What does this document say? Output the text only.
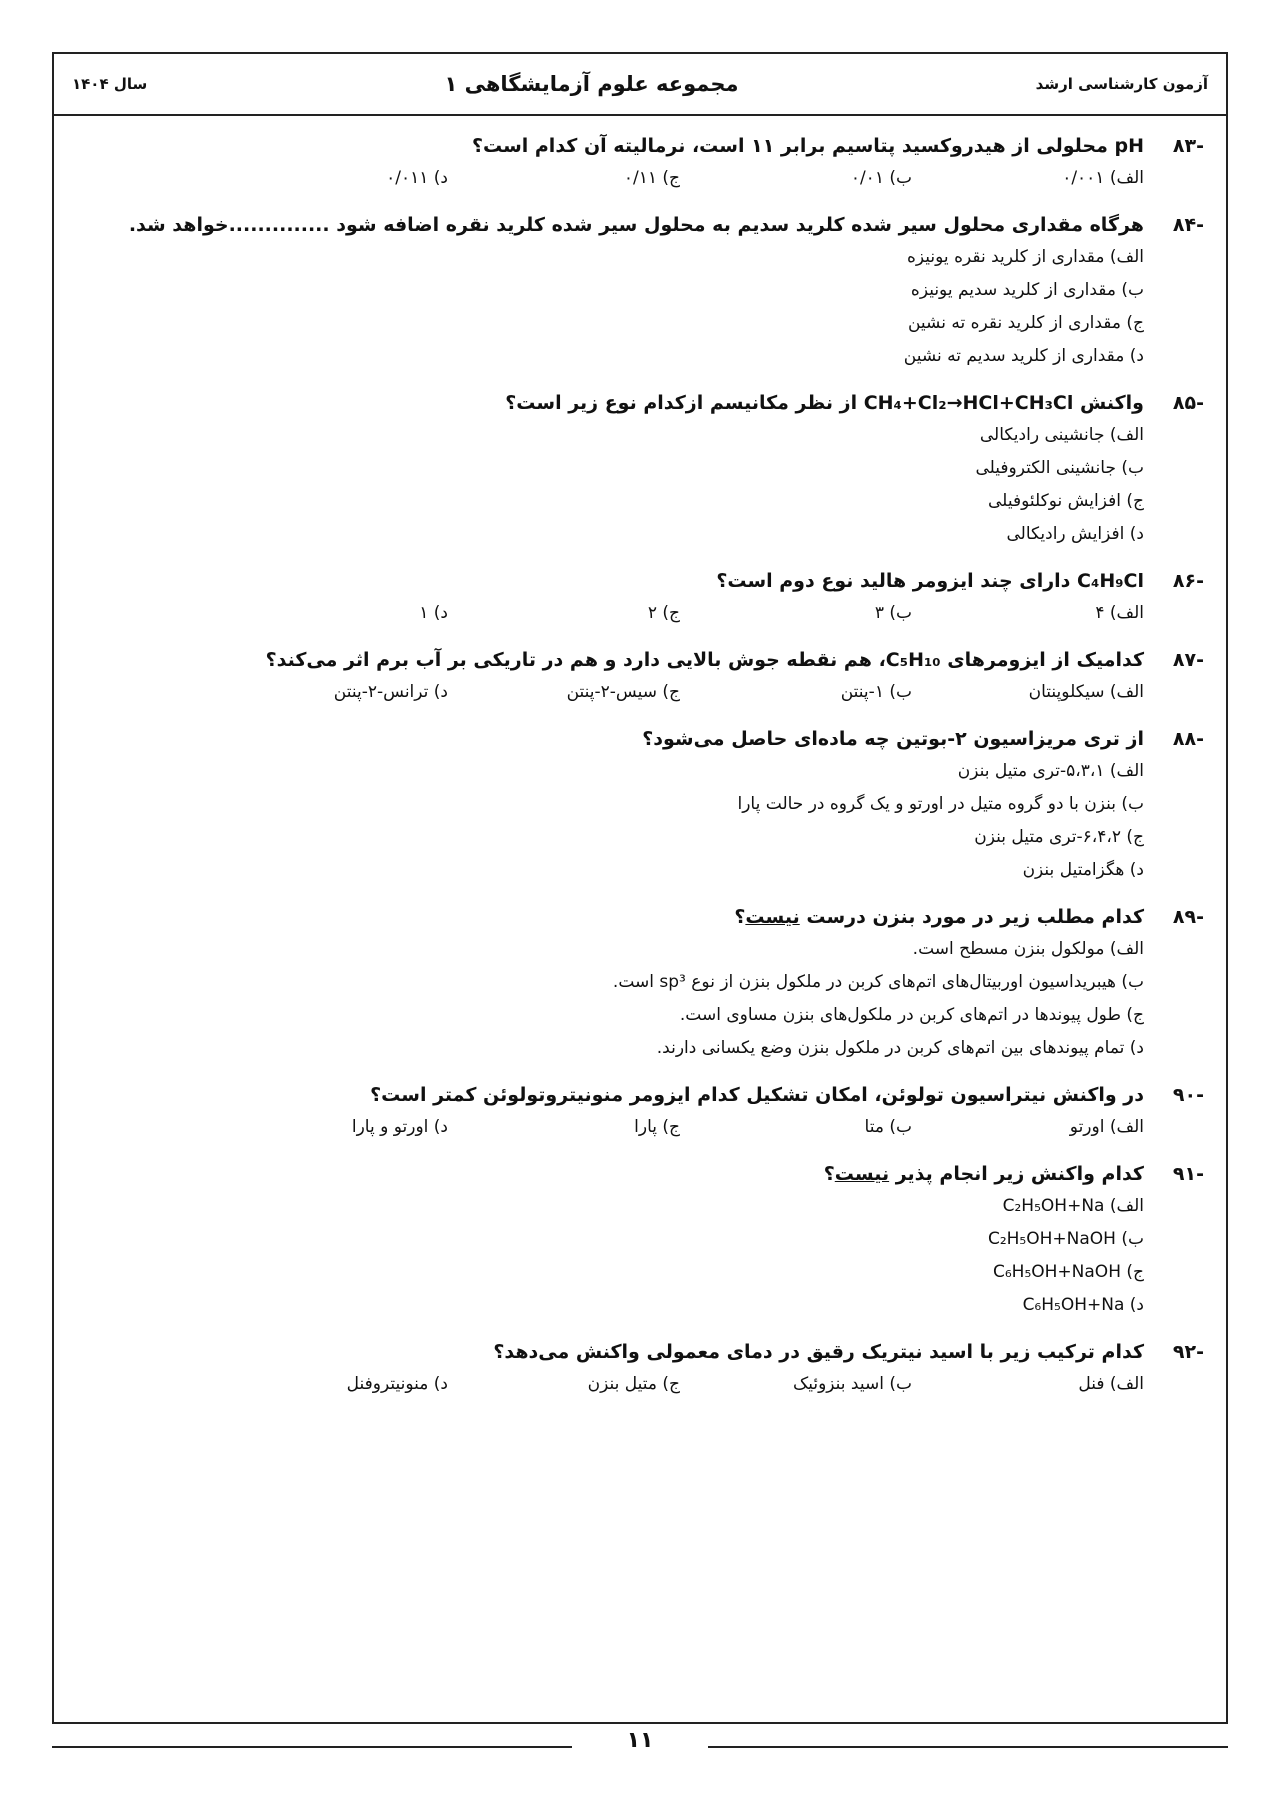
آزمون کارشناسی ارشد
مجموعه علوم آزمایشگاهی ۱
سال ۱۴۰۴
-۸۳
pH محلولی از هیدروکسید پتاسیم برابر ۱۱ است، نرمالیته آن کدام است؟
الف) ۰/۰۰۱
ب) ۰/۰۱
ج) ۰/۱۱
د) ۰/۰۱۱
-۸۴
هرگاه مقداری محلول سیر شده کلرید سدیم به محلول سیر شده کلرید نقره اضافه شود ..............خواهد شد.
الف) مقداری از کلرید نقره یونیزه
ب) مقداری از کلرید سدیم یونیزه
ج) مقداری از کلرید نقره ته نشین
د) مقداری از کلرید سدیم ته نشین
-۸۵
واکنش CH₄+Cl₂→HCl+CH₃Cl از نظر مکانیسم ازکدام نوع زیر است؟
الف) جانشینی رادیکالی
ب) جانشینی الکتروفیلی
ج) افزایش نوکلئوفیلی
د) افزایش رادیکالی
-۸۶
C₄H₉Cl دارای چند ایزومر هالید نوع دوم است؟
الف) ۴
ب) ۳
ج) ۲
د) ۱
-۸۷
کدامیک از ایزومرهای C₅H₁₀، هم نقطه جوش بالایی دارد و هم در تاریکی بر آب برم اثر می‌کند؟
الف) سیکلوپنتان
ب) ۱-پنتن
ج) سیس-۲-پنتن
د) ترانس-۲-پنتن
-۸۸
از تری مریزاسیون ۲-بوتین چه ماده‌ای حاصل می‌شود؟
الف) ۵،۳،۱-تری متیل بنزن
ب) بنزن با دو گروه متیل در اورتو و یک گروه در حالت پارا
ج) ۶،۴،۲-تری متیل بنزن
د) هگزامتیل بنزن
-۸۹
کدام مطلب زیر در مورد بنزن درست نیست؟
الف) مولکول بنزن مسطح است.
ب) هیبریداسیون اوربیتال‌های اتم‌های کربن در ملکول بنزن از نوع sp³ است.
ج) طول پیوندها در اتم‌های کربن در ملکول‌های بنزن مساوی است.
د) تمام پیوندهای بین اتم‌های کربن در ملکول بنزن وضع یکسانی دارند.
-۹۰
در واکنش نیتراسیون تولوئن، امکان تشکیل کدام ایزومر منونیتروتولوئن کمتر است؟
الف) اورتو
ب) متا
ج) پارا
د) اورتو و پارا
-۹۱
کدام واکنش زیر انجام پذیر نیست؟
الف) C₂H₅OH+Na
ب) C₂H₅OH+NaOH
ج) C₆H₅OH+NaOH
د) C₆H₅OH+Na
-۹۲
کدام ترکیب زیر با اسید نیتریک رقیق در دمای معمولی واکنش می‌دهد؟
الف) فنل
ب) اسید بنزوئیک
ج) متیل بنزن
د) منونیتروفنل
۱۱
